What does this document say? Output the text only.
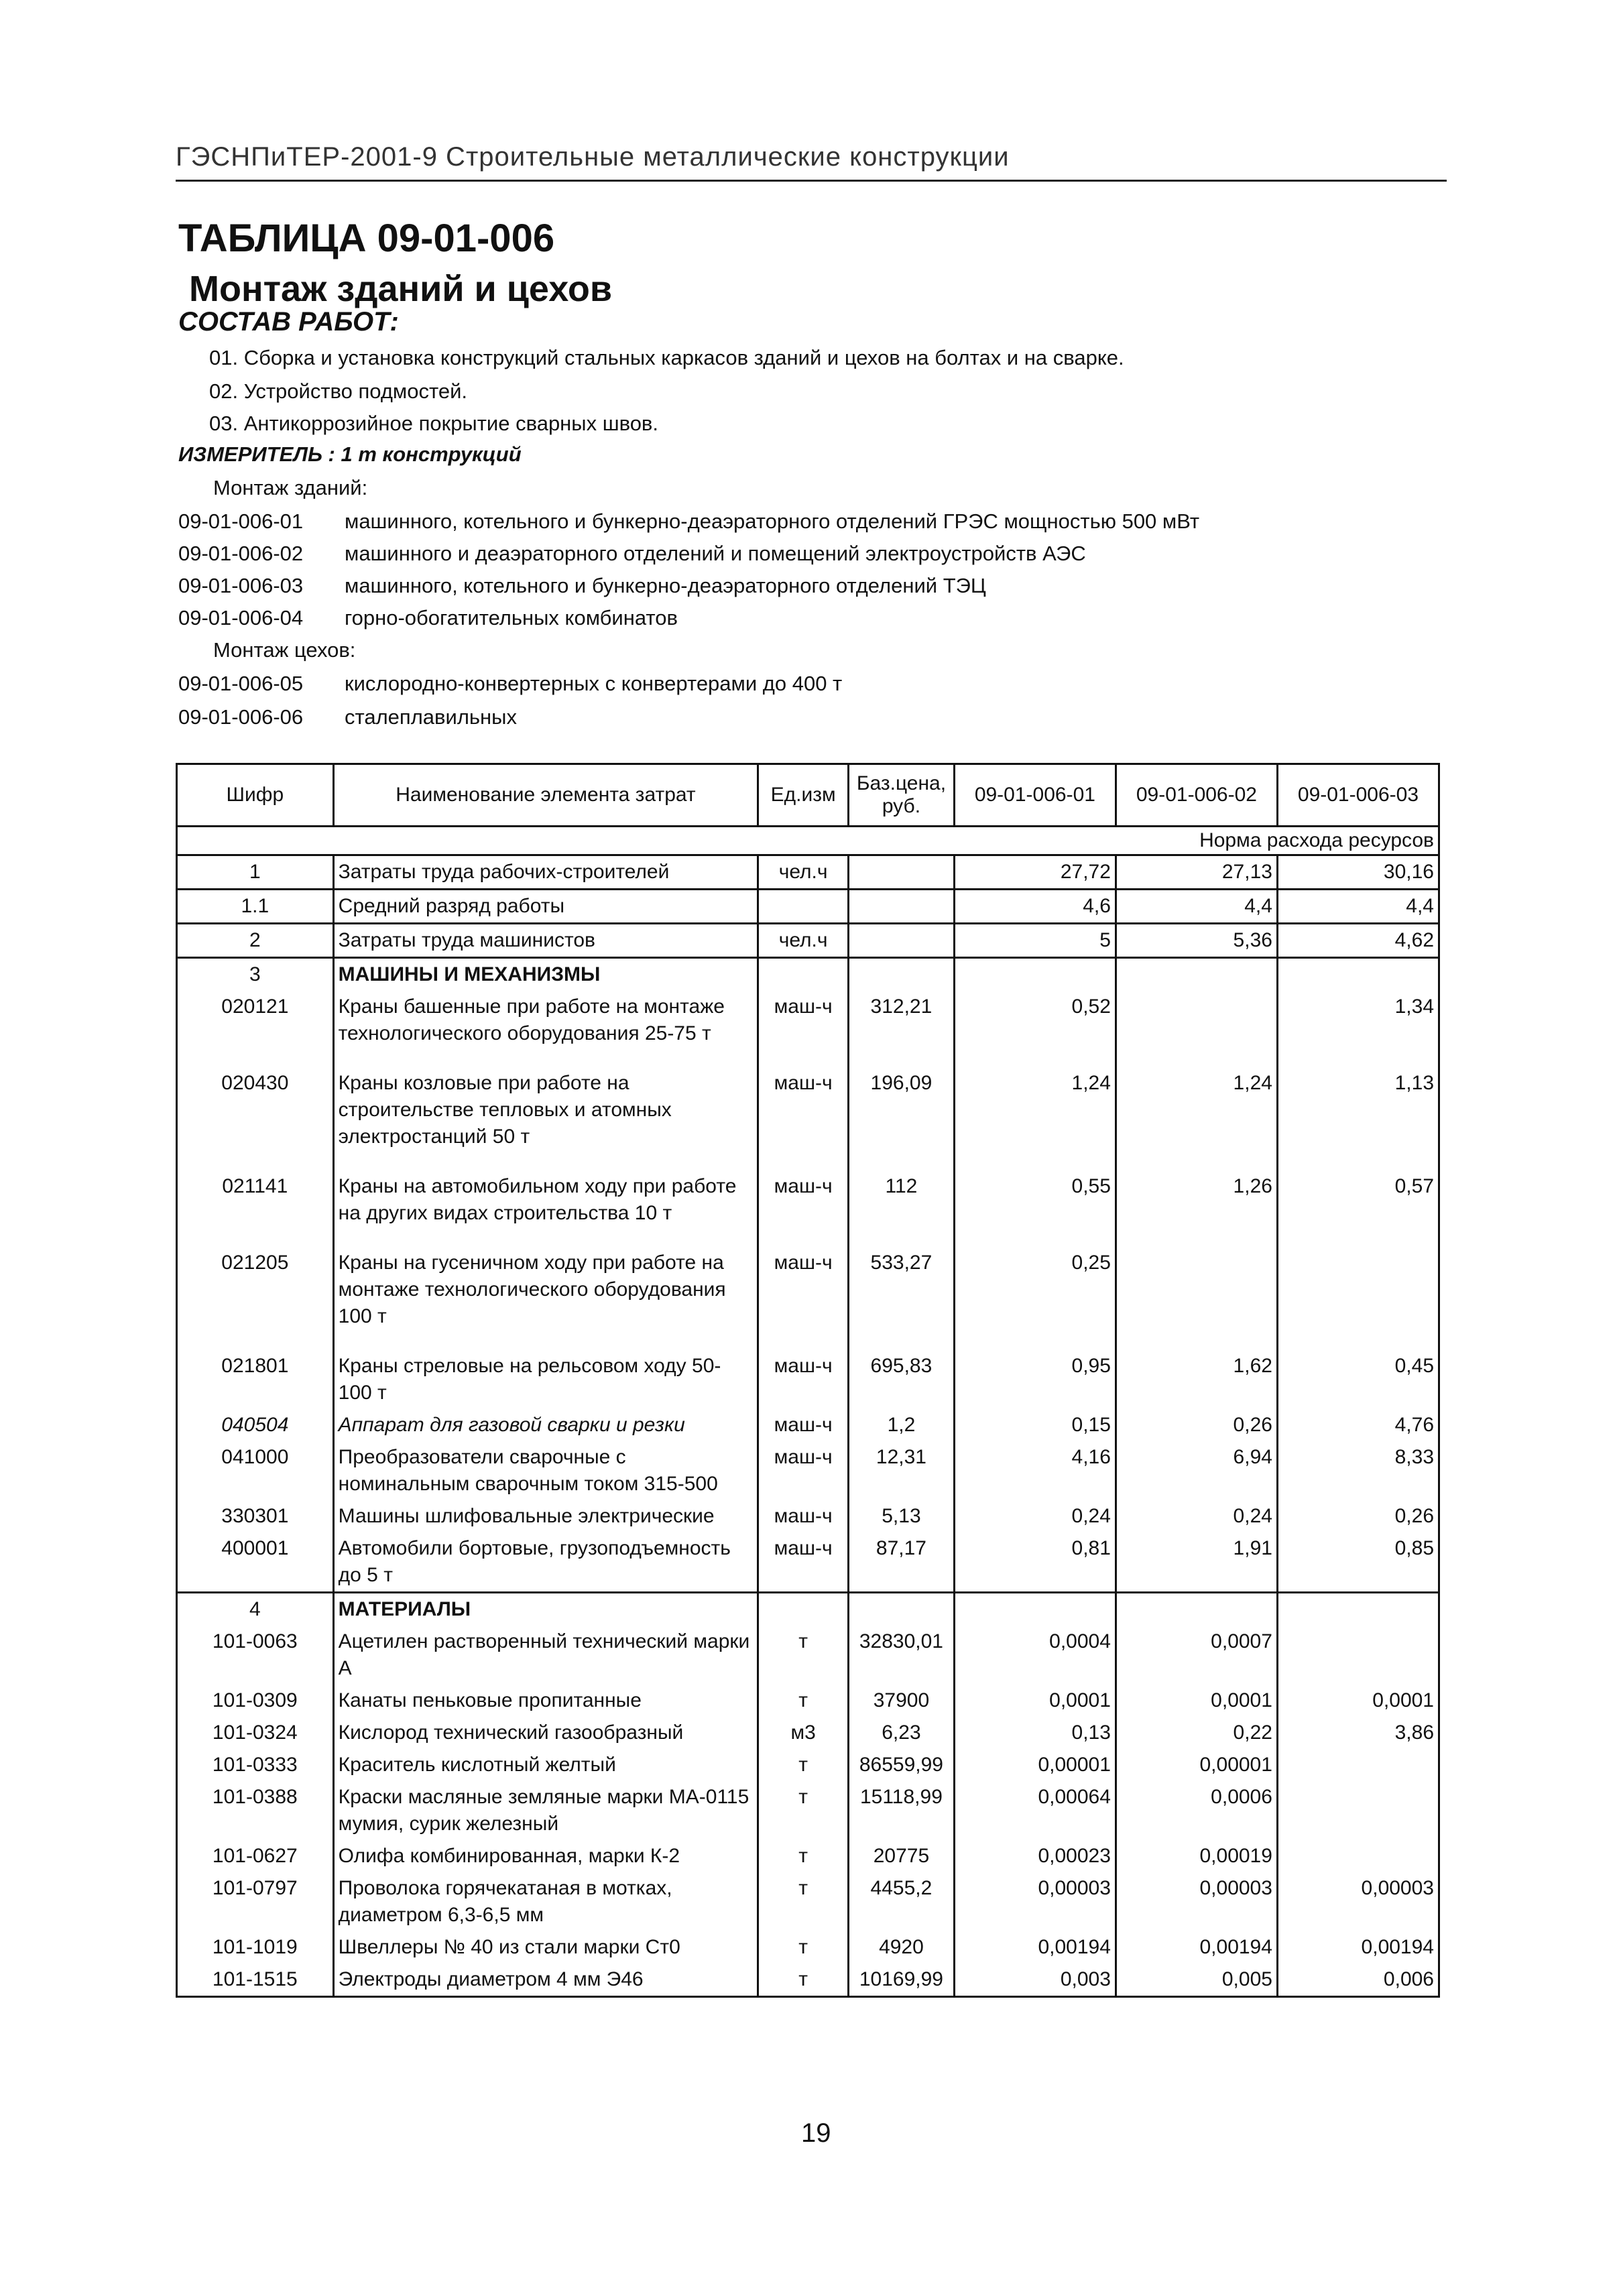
ГЭСНПиТЕР-2001-9 Строительные металлические конструкции
ТАБЛИЦА 09-01-006
Монтаж зданий и цехов
СОСТАВ РАБОТ:
01. Сборка и установка конструкций стальных каркасов зданий и цехов на болтах и на сварке.
02. Устройство подмостей.
03. Антикоррозийное покрытие сварных швов.
ИЗМЕРИТЕЛЬ : 1 т конструкций
Монтаж зданий:
09-01-006-01 машинного, котельного и бункерно-деаэраторного отделений ГРЭС мощностью 500 мВт
09-01-006-02 машинного и деаэраторного отделений и помещений электроустройств АЭС
09-01-006-03 машинного, котельного и бункерно-деаэраторного отделений ТЭЦ
09-01-006-04 горно-обогатительных комбинатов
Монтаж цехов:
09-01-006-05 кислородно-конвертерных с конвертерами до 400 т
09-01-006-06 сталеплавильных
Шифр	Наименование элемента затрат	Ед.изм	Баз.цена, руб.	09-01-006-01	09-01-006-02	09-01-006-03
Норма расхода ресурсов						
1	Затраты труда рабочих-строителей	чел.ч		27,72	27,13	30,16
1.1	Средний разряд работы			4,6	4,4	4,4
2	Затраты труда машинистов	чел.ч		5	5,36	4,62
3	МАШИНЫ И МЕХАНИЗМЫ					
020121	Краны башенные при работе на монтаже технологического оборудования 25-75 т	маш-ч	312,21	0,52		1,34
020430	Краны козловые при работе на строительстве тепловых и атомных электростанций 50 т	маш-ч	196,09	1,24	1,24	1,13
021141	Краны на автомобильном ходу при работе на других видах строительства 10 т	маш-ч	112	0,55	1,26	0,57
021205	Краны на гусеничном ходу при работе на монтаже технологического оборудования 100 т	маш-ч	533,27	0,25		
021801	Краны стреловые на рельсовом ходу 50-100 т	маш-ч	695,83	0,95	1,62	0,45
040504	Аппарат для газовой сварки и резки	маш-ч	1,2	0,15	0,26	4,76
041000	Преобразователи сварочные с номинальным сварочным током 315-500	маш-ч	12,31	4,16	6,94	8,33
330301	Машины шлифовальные электрические	маш-ч	5,13	0,24	0,24	0,26
400001	Автомобили бортовые, грузоподъемность до 5 т	маш-ч	87,17	0,81	1,91	0,85
4	МАТЕРИАЛЫ					
101-0063	Ацетилен растворенный технический марки А	т	32830,01	0,0004	0,0007	
101-0309	Канаты пеньковые пропитанные	т	37900	0,0001	0,0001	0,0001
101-0324	Кислород технический газообразный	м3	6,23	0,13	0,22	3,86
101-0333	Краситель кислотный желтый	т	86559,99	0,00001	0,00001	
101-0388	Краски масляные земляные марки МА-0115 мумия, сурик железный	т	15118,99	0,00064	0,0006	
101-0627	Олифа комбинированная, марки К-2	т	20775	0,00023	0,00019	
101-0797	Проволока горячекатаная в мотках, диаметром 6,3-6,5 мм	т	4455,2	0,00003	0,00003	0,00003
101-1019	Швеллеры № 40 из стали марки Ст0	т	4920	0,00194	0,00194	0,00194
101-1515	Электроды диаметром 4 мм Э46	т	10169,99	0,003	0,005	0,006
19
